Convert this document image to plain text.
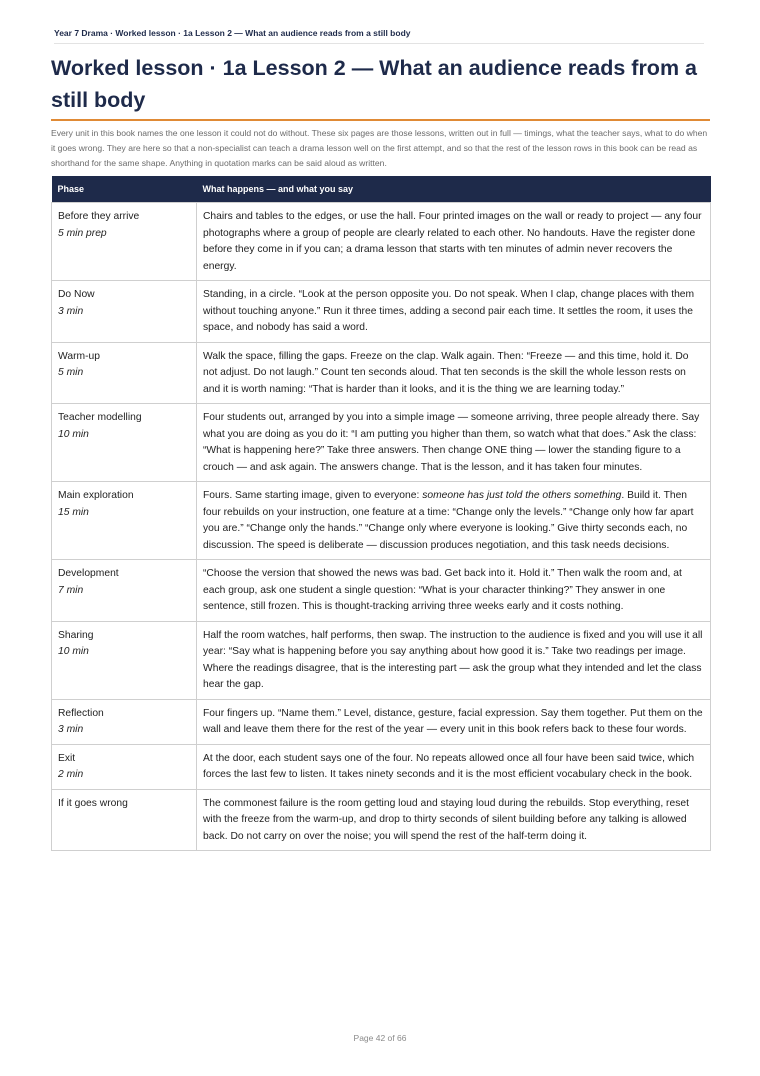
Year 7 Drama · Worked lesson · 1a Lesson 2 — What an audience reads from a still body
Worked lesson · 1a Lesson 2 — What an audience reads from a still body

Every unit in this book names the one lesson it could not do without. These six pages are those lessons, written out in full — timings, what the teacher says, what to do when it goes wrong. They are here so that a non-specialist can teach a drama lesson well on the first attempt, and so that the rest of the lesson rows in this book can be read as shorthand for the same shape. Anything in quotation marks can be said aloud as written.

Phase	What happens — and what you say

Before they arrive
5 min prep	Chairs and tables to the edges, or use the hall. Four printed images on the wall or ready to project — any four photographs where a group of people are clearly related to each other. No handouts. Have the register done before they come in if you can; a drama lesson that starts with ten minutes of admin never recovers the energy.

Do Now
3 min	Standing, in a circle. “Look at the person opposite you. Do not speak. When I clap, change places with them without touching anyone.” Run it three times, adding a second pair each time. It settles the room, it uses the space, and nobody has said a word.

Warm-up
5 min	Walk the space, filling the gaps. Freeze on the clap. Walk again. Then: “Freeze — and this time, hold it. Do not adjust. Do not laugh.” Count ten seconds aloud. That ten seconds is the skill the whole lesson rests on and it is worth naming: “That is harder than it looks, and it is the thing we are learning today.”

Teacher modelling
10 min	Four students out, arranged by you into a simple image — someone arriving, three people already there. Say what you are doing as you do it: “I am putting you higher than them, so watch what that does.” Ask the class: “What is happening here?” Take three answers. Then change ONE thing — lower the standing figure to a crouch — and ask again. The answers change. That is the lesson, and it has taken four minutes.

Main exploration
15 min	Fours. Same starting image, given to everyone: someone has just told the others something. Build it. Then four rebuilds on your instruction, one feature at a time: “Change only the levels.” “Change only how far apart you are.” “Change only the hands.” “Change only where everyone is looking.” Give thirty seconds each, no discussion. The speed is deliberate — discussion produces negotiation, and this task needs decisions.

Development
7 min	“Choose the version that showed the news was bad. Get back into it. Hold it.” Then walk the room and, at each group, ask one student a single question: “What is your character thinking?” They answer in one sentence, still frozen. This is thought-tracking arriving three weeks early and it costs nothing.

Sharing
10 min	Half the room watches, half performs, then swap. The instruction to the audience is fixed and you will use it all year: “Say what is happening before you say anything about how good it is.” Take two readings per image. Where the readings disagree, that is the interesting part — ask the group what they intended and let the class hear the gap.

Reflection
3 min	Four fingers up. “Name them.” Level, distance, gesture, facial expression. Say them together. Put them on the wall and leave them there for the rest of the year — every unit in this book refers back to these four words.

Exit
2 min	At the door, each student says one of the four. No repeats allowed once all four have been said twice, which forces the last few to listen. It takes ninety seconds and it is the most efficient vocabulary check in the book.

If it goes wrong	The commonest failure is the room getting loud and staying loud during the rebuilds. Stop everything, reset with the freeze from the warm-up, and drop to thirty seconds of silent building before any talking is allowed back. Do not carry on over the noise; you will spend the rest of the half-term doing it.
Page 42 of 66
